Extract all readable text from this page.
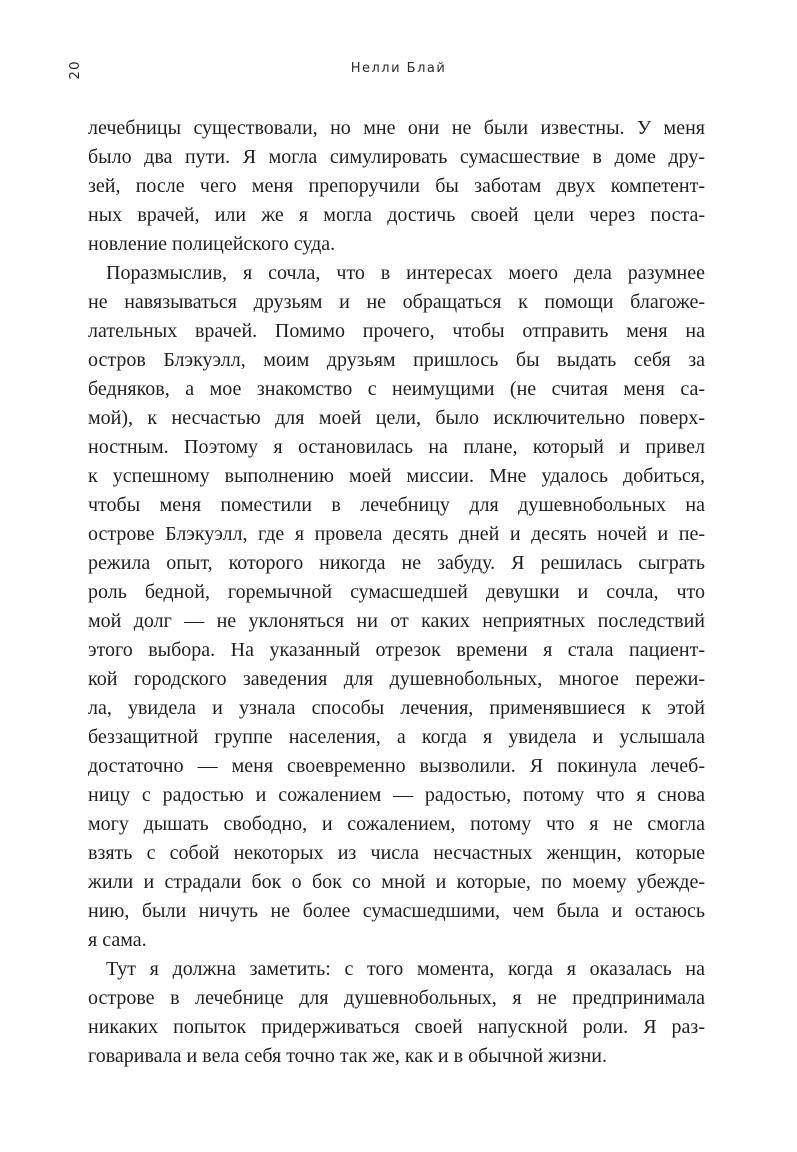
20	Нелли Блай
лечебницы существовали, но мне они не были известны. У меня
было два пути. Я могла симулировать сумасшествие в доме дру-
зей, после чего меня препоручили бы заботам двух компетент-
ных врачей, или же я могла достичь своей цели через поста-
новление полицейского суда.
Поразмыслив, я сочла, что в интересах моего дела разумнее
не навязываться друзьям и не обращаться к помощи благоже-
лательных врачей. Помимо прочего, чтобы отправить меня на
остров Блэкуэлл, моим друзьям пришлось бы выдать себя за
бедняков, а мое знакомство с неимущими (не считая меня са-
мой), к несчастью для моей цели, было исключительно поверх-
ностным. Поэтому я остановилась на плане, который и привел
к успешному выполнению моей миссии. Мне удалось добиться,
чтобы меня поместили в лечебницу для душевнобольных на
острове Блэкуэлл, где я провела десять дней и десять ночей и пе-
режила опыт, которого никогда не забуду. Я решилась сыграть
роль бедной, горемычной сумасшедшей девушки и сочла, что
мой долг — не уклоняться ни от каких неприятных последствий
этого выбора. На указанный отрезок времени я стала пациент-
кой городского заведения для душевнобольных, многое пережи-
ла, увидела и узнала способы лечения, применявшиеся к этой
беззащитной группе населения, а когда я увидела и услышала
достаточно — меня своевременно вызволили. Я покинула лечеб-
ницу с радостью и сожалением — радостью, потому что я снова
могу дышать свободно, и сожалением, потому что я не смогла
взять с собой некоторых из числа несчастных женщин, которые
жили и страдали бок о бок со мной и которые, по моему убежде-
нию, были ничуть не более сумасшедшими, чем была и остаюсь
я сама.
Тут я должна заметить: с того момента, когда я оказалась на
острове в лечебнице для душевнобольных, я не предпринимала
никаких попыток придерживаться своей напускной роли. Я раз-
говаривала и вела себя точно так же, как и в обычной жизни.
